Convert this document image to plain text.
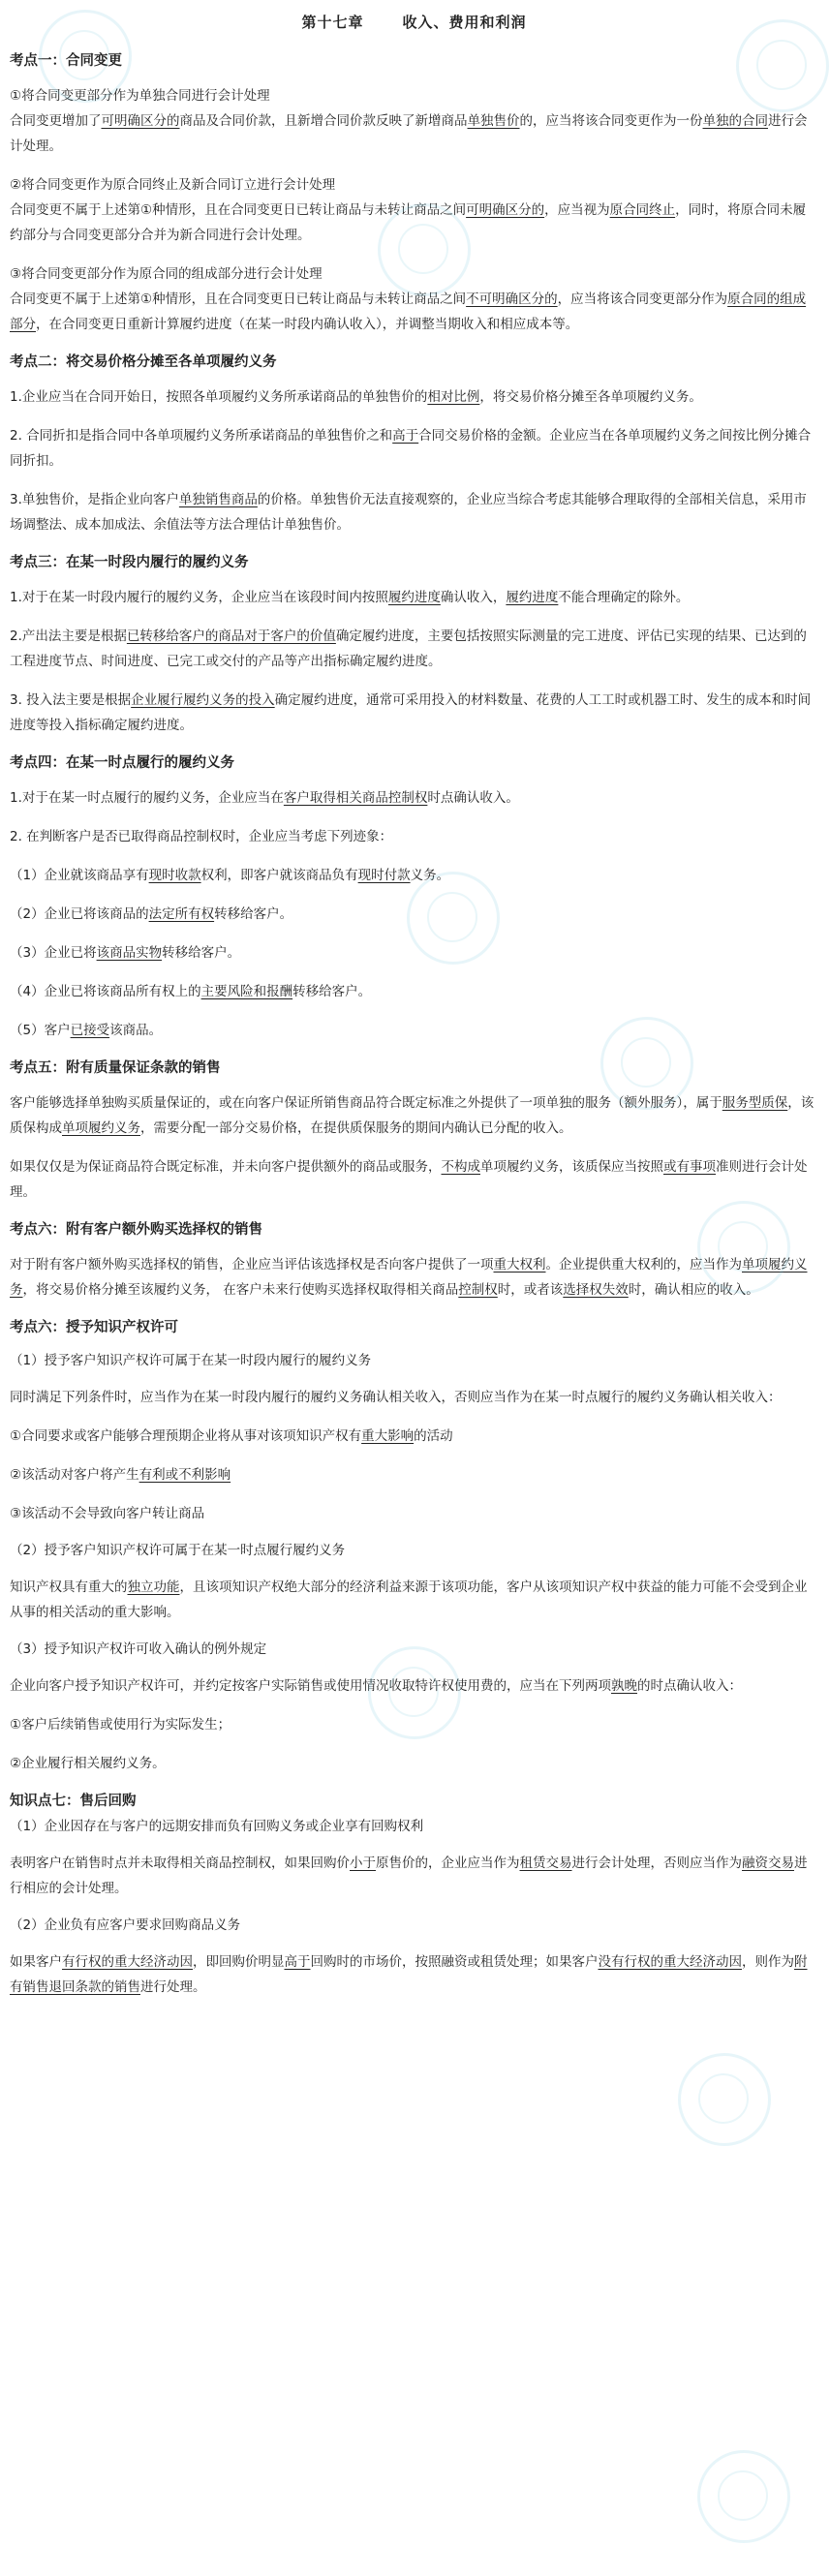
第十七章	收入、费用和利润
考点一：合同变更

①将合同变更部分作为单独合同进行会计处理
合同变更增加了可明确区分的商品及合同价款，且新增合同价款反映了新增商品单独售价的，应当将该合同变更作为一份单独的合同进行会计处理。

②将合同变更作为原合同终止及新合同订立进行会计处理
合同变更不属于上述第①种情形，且在合同变更日已转让商品与未转让商品之间可明确区分的，应当视为原合同终止，同时，将原合同未履约部分与合同变更部分合并为新合同进行会计处理。

③将合同变更部分作为原合同的组成部分进行会计处理
合同变更不属于上述第①种情形，且在合同变更日已转让商品与未转让商品之间不可明确区分的，应当将该合同变更部分作为原合同的组成部分，在合同变更日重新计算履约进度（在某一时段内确认收入），并调整当期收入和相应成本等。

考点二：将交易价格分摊至各单项履约义务

1.企业应当在合同开始日，按照各单项履约义务所承诺商品的单独售价的相对比例，将交易价格分摊至各单项履约义务。

2. 合同折扣是指合同中各单项履约义务所承诺商品的单独售价之和高于合同交易价格的金额。企业应当在各单项履约义务之间按比例分摊合同折扣。

3.单独售价，是指企业向客户单独销售商品的价格。单独售价无法直接观察的，企业应当综合考虑其能够合理取得的全部相关信息，采用市场调整法、成本加成法、余值法等方法合理估计单独售价。

考点三：在某一时段内履行的履约义务

1.对于在某一时段内履行的履约义务，企业应当在该段时间内按照履约进度确认收入，履约进度不能合理确定的除外。

2.产出法主要是根据已转移给客户的商品对于客户的价值确定履约进度，主要包括按照实际测量的完工进度、评估已实现的结果、已达到的工程进度节点、时间进度、已完工或交付的产品等产出指标确定履约进度。

3. 投入法主要是根据企业履行履约义务的投入确定履约进度，通常可采用投入的材料数量、花费的人工工时或机器工时、发生的成本和时间进度等投入指标确定履约进度。

考点四：在某一时点履行的履约义务

1.对于在某一时点履行的履约义务，企业应当在客户取得相关商品控制权时点确认收入。

2. 在判断客户是否已取得商品控制权时，企业应当考虑下列迹象：

（1）企业就该商品享有现时收款权利，即客户就该商品负有现时付款义务。

（2）企业已将该商品的法定所有权转移给客户。

（3）企业已将该商品实物转移给客户。

（4）企业已将该商品所有权上的主要风险和报酬转移给客户。

（5）客户已接受该商品。

考点五：附有质量保证条款的销售

客户能够选择单独购买质量保证的，或在向客户保证所销售商品符合既定标准之外提供了一项单独的服务（额外服务），属于服务型质保，该质保构成单项履约义务，需要分配一部分交易价格，在提供质保服务的期间内确认已分配的收入。

如果仅仅是为保证商品符合既定标准，并未向客户提供额外的商品或服务，不构成单项履约义务，该质保应当按照或有事项准则进行会计处理。

考点六：附有客户额外购买选择权的销售

对于附有客户额外购买选择权的销售，企业应当评估该选择权是否向客户提供了一项重大权利。企业提供重大权利的，应当作为单项履约义务，将交易价格分摊至该履约义务， 在客户未来行使购买选择权取得相关商品控制权时，或者该选择权失效时，确认相应的收入。

考点六：授予知识产权许可
（1）授予客户知识产权许可属于在某一时段内履行的履约义务

同时满足下列条件时，应当作为在某一时段内履行的履约义务确认相关收入，否则应当作为在某一时点履行的履约义务确认相关收入：

①合同要求或客户能够合理预期企业将从事对该项知识产权有重大影响的活动

②该活动对客户将产生有利或不利影响

③该活动不会导致向客户转让商品

（2）授予客户知识产权许可属于在某一时点履行履约义务

知识产权具有重大的独立功能，且该项知识产权绝大部分的经济利益来源于该项功能，客户从该项知识产权中获益的能力可能不会受到企业从事的相关活动的重大影响。

（3）授予知识产权许可收入确认的例外规定

企业向客户授予知识产权许可，并约定按客户实际销售或使用情况收取特许权使用费的，应当在下列两项孰晚的时点确认收入：

①客户后续销售或使用行为实际发生；

②企业履行相关履约义务。

知识点七：售后回购
（1）企业因存在与客户的远期安排而负有回购义务或企业享有回购权利

表明客户在销售时点并未取得相关商品控制权，如果回购价小于原售价的，企业应当作为租赁交易进行会计处理，否则应当作为融资交易进行相应的会计处理。

（2）企业负有应客户要求回购商品义务

如果客户有行权的重大经济动因，即回购价明显高于回购时的市场价，按照融资或租赁处理；如果客户没有行权的重大经济动因，则作为附有销售退回条款的销售进行处理。
